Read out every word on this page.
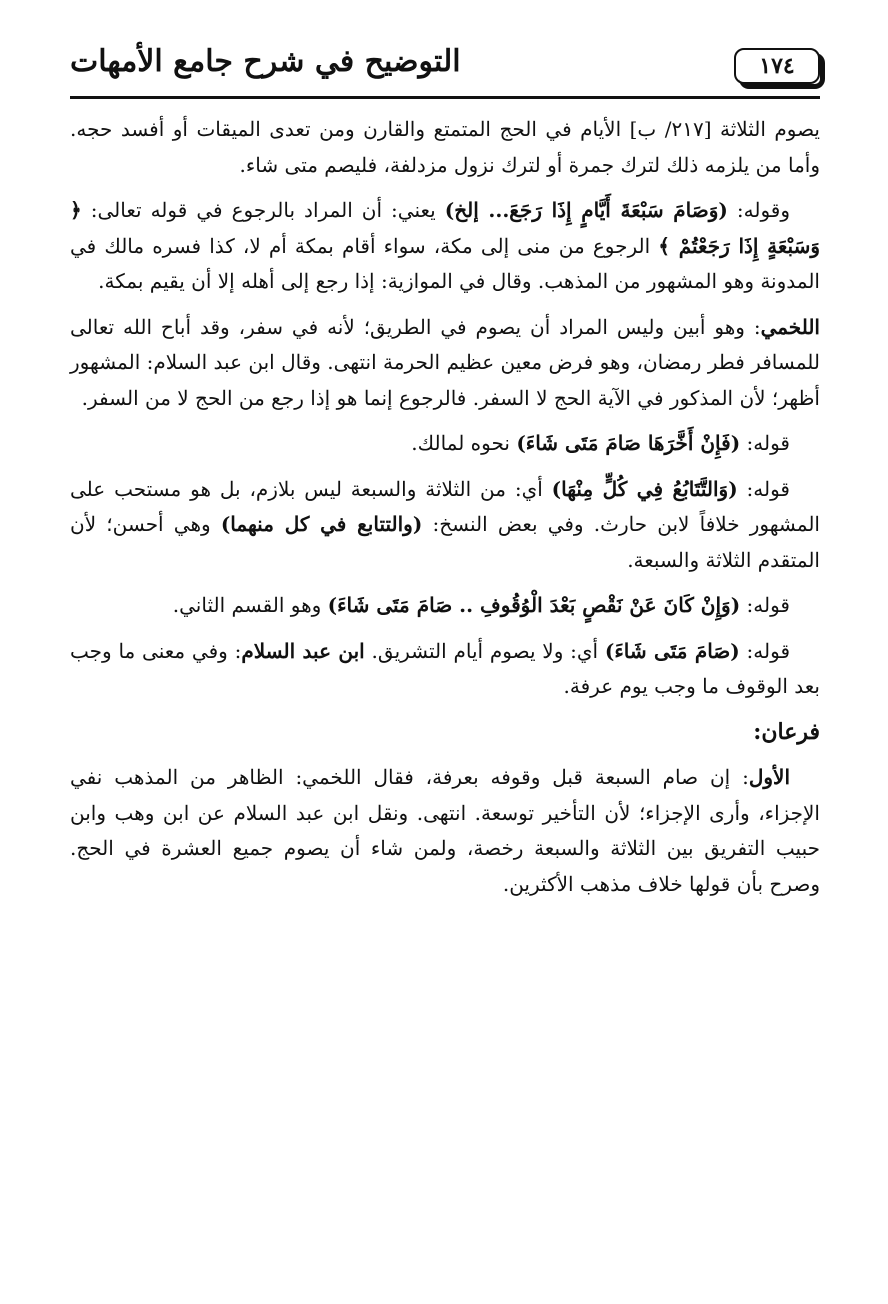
١٧٤
التوضيح في شرح جامع الأمهات

يصوم الثلاثة [٢١٧/ ب] الأيام في الحج المتمتع والقارن ومن تعدى الميقات أو أفسد حجه. وأما من يلزمه ذلك لترك جمرة أو لترك نزول مزدلفة، فليصم متى شاء.

وقوله: (وَصَامَ سَبْعَةَ أَيَّامٍ إِذَا رَجَعَ... إلخ) يعني: أن المراد بالرجوع في قوله تعالى: ﴿ وَسَبْعَةٍ إِذَا رَجَعْتُمْ ﴾ الرجوع من منى إلى مكة، سواء أقام بمكة أم لا، كذا فسره مالك في المدونة وهو المشهور من المذهب. وقال في الموازية: إذا رجع إلى أهله إلا أن يقيم بمكة.

اللخمي: وهو أبين وليس المراد أن يصوم في الطريق؛ لأنه في سفر، وقد أباح الله تعالى للمسافر فطر رمضان، وهو فرض معين عظيم الحرمة انتهى. وقال ابن عبد السلام: المشهور أظهر؛ لأن المذكور في الآية الحج لا السفر. فالرجوع إنما هو إذا رجع من الحج لا من السفر.

قوله: (فَإِنْ أَخَّرَهَا صَامَ مَتَى شَاءَ) نحوه لمالك.

قوله: (وَالتَّتَابُعُ فِي كُلٍّ مِنْهَا) أي: من الثلاثة والسبعة ليس بلازم، بل هو مستحب على المشهور خلافاً لابن حارث. وفي بعض النسخ: (والتتابع في كل منهما) وهي أحسن؛ لأن المتقدم الثلاثة والسبعة.

قوله: (وَإِنْ كَانَ عَنْ نَقْصٍ بَعْدَ الْوُقُوفِ .. صَامَ مَتَى شَاءَ) وهو القسم الثاني.

قوله: (صَامَ مَتَى شَاءَ) أي: ولا يصوم أيام التشريق. ابن عبد السلام: وفي معنى ما وجب بعد الوقوف ما وجب يوم عرفة.

فرعان:

الأول: إن صام السبعة قبل وقوفه بعرفة، فقال اللخمي: الظاهر من المذهب نفي الإجزاء، وأرى الإجزاء؛ لأن التأخير توسعة. انتهى. ونقل ابن عبد السلام عن ابن وهب وابن حبيب التفريق بين الثلاثة والسبعة رخصة، ولمن شاء أن يصوم جميع العشرة في الحج. وصرح بأن قولها خلاف مذهب الأكثرين.
